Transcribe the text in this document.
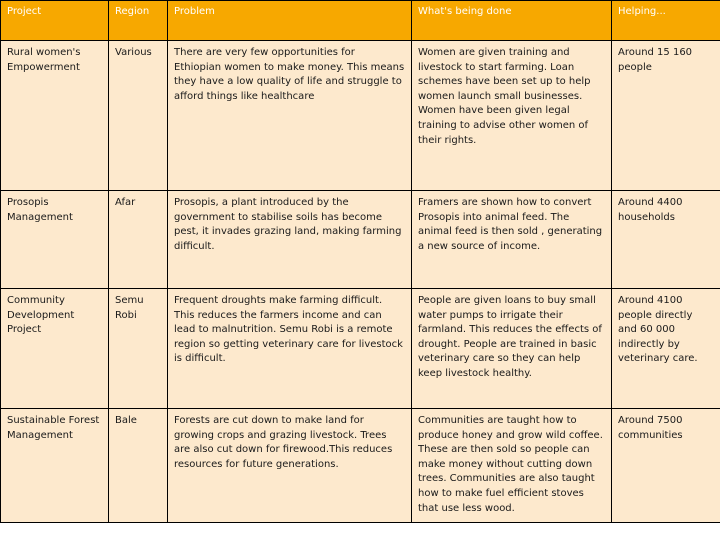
Project	Region	Problem	What's being done	Helping...
Rural women's Empowerment	Various	There are very few opportunities for Ethiopian women to make money. This means they have a low quality of life and struggle to afford things like healthcare	Women are given training and livestock to start farming. Loan schemes have been set up to help women launch small businesses. Women have been given legal training to advise other women of their rights.	Around 15 160 people
Prosopis Management	Afar	Prosopis, a plant introduced by the government to stabilise soils has become pest, it invades grazing land, making farming difficult.	Framers are shown how to convert Prosopis into animal feed. The animal feed is then sold , generating a new source of income.	Around 4400 households
Community Development Project	Semu Robi	Frequent droughts make farming difficult. This reduces the farmers income and can lead to malnutrition. Semu Robi is a remote region so getting veterinary care for livestock is difficult.	People are given loans to buy small water pumps to irrigate their farmland. This reduces the effects of drought. People are trained in basic veterinary care so they can help keep livestock healthy.	Around 4100 people directly and 60 000 indirectly by veterinary care.
Sustainable Forest Management	Bale	Forests are cut down to make land for growing crops and grazing livestock. Trees are also cut down for firewood.This reduces resources for future generations.	Communities are taught how to produce honey and grow wild coffee. These are then sold so people can make money without cutting down trees. Communities are also taught how to make fuel efficient stoves that use less wood.	Around 7500 communities
